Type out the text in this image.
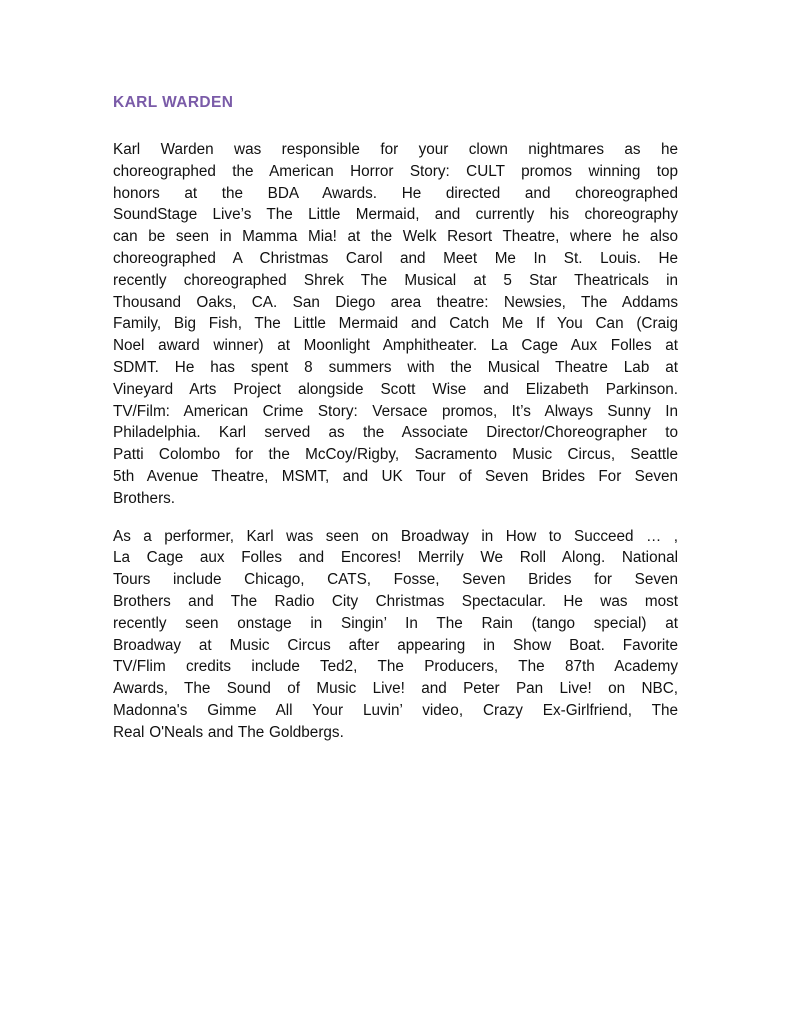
KARL WARDEN
Karl Warden was responsible for your clown nightmares as he
choreographed the American Horror Story: CULT promos winning top
honors at the BDA Awards. He directed and choreographed
SoundStage Live’s The Little Mermaid, and currently his choreography
can be seen in Mamma Mia! at the Welk Resort Theatre, where he also
choreographed A Christmas Carol and Meet Me In St. Louis. He
recently choreographed Shrek The Musical at 5 Star Theatricals in
Thousand Oaks, CA. San Diego area theatre: Newsies, The Addams
Family, Big Fish, The Little Mermaid and Catch Me If You Can (Craig
Noel award winner) at Moonlight Amphitheater. La Cage Aux Folles at
SDMT. He has spent 8 summers with the Musical Theatre Lab at
Vineyard Arts Project alongside Scott Wise and Elizabeth Parkinson.
TV/Film: American Crime Story: Versace promos, It’s Always Sunny In
Philadelphia. Karl served as the Associate Director/Choreographer to
Patti Colombo for the McCoy/Rigby, Sacramento Music Circus, Seattle
5th Avenue Theatre, MSMT, and UK Tour of Seven Brides For Seven
Brothers.
As a performer, Karl was seen on Broadway in How to Succeed … ,
La Cage aux Folles and Encores! Merrily We Roll Along. National
Tours include Chicago, CATS, Fosse, Seven Brides for Seven
Brothers and The Radio City Christmas Spectacular. He was most
recently seen onstage in Singin’ In The Rain (tango special) at
Broadway at Music Circus after appearing in Show Boat. Favorite
TV/Flim credits include Ted2, The Producers, The 87th Academy
Awards, The Sound of Music Live! and Peter Pan Live! on NBC,
Madonna's Gimme All Your Luvin’ video, Crazy Ex-Girlfriend, The
Real O'Neals and The Goldbergs.
